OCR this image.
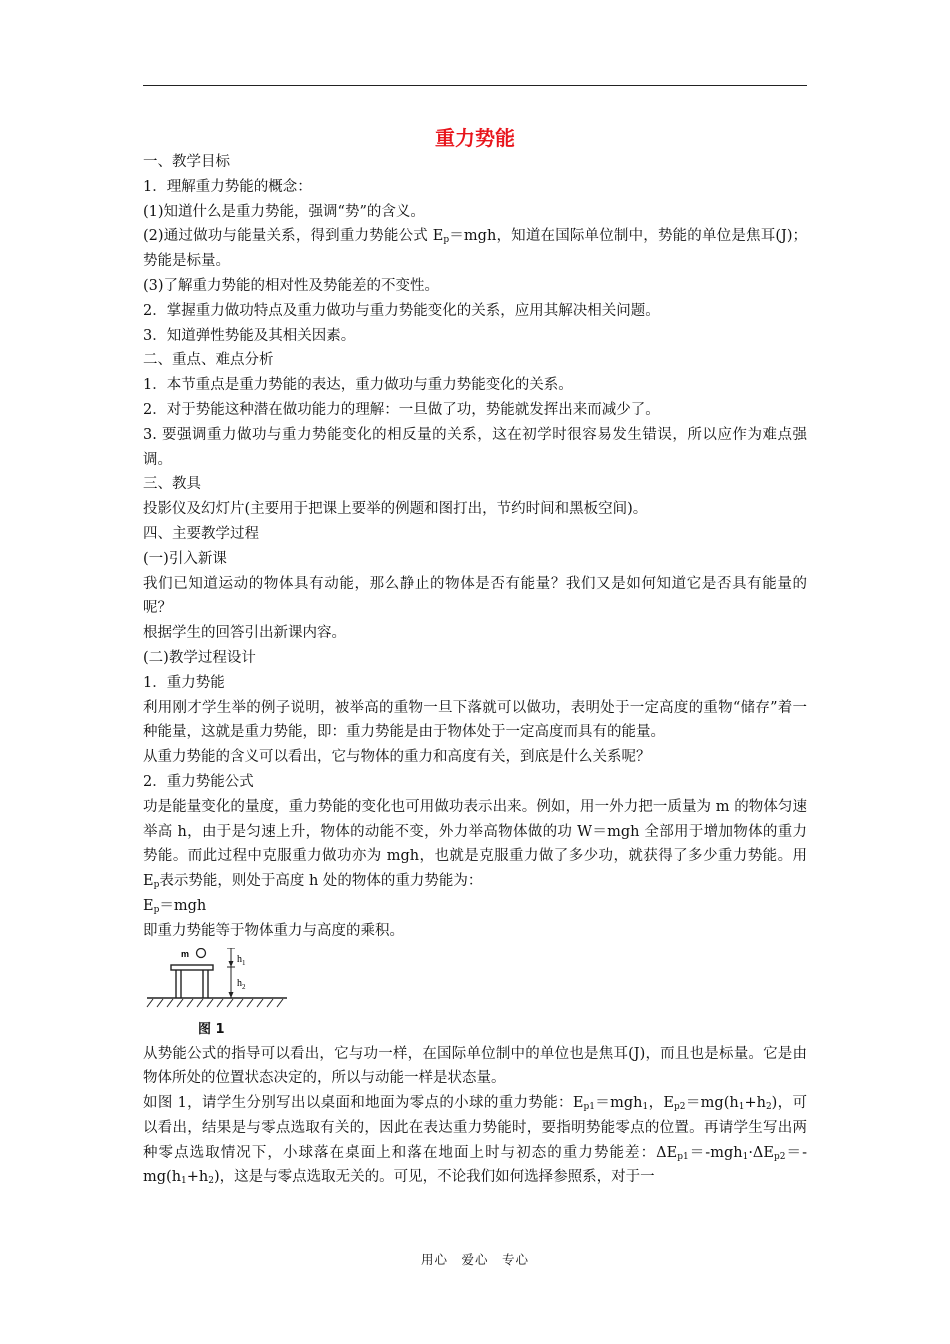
重力势能

一、教学目标

1．理解重力势能的概念：

(1)知道什么是重力势能，强调“势”的含义。

(2)通过做功与能量关系，得到重力势能公式 $E_p=mgh$，知道在国际单位制中，势能的单位是焦耳(J)；势能是标量。

(3)了解重力势能的相对性及势能差的不变性。

2．掌握重力做功特点及重力做功与重力势能变化的关系，应用其解决相关问题。

3．知道弹性势能及其相关因素。

二、重点、难点分析

1．本节重点是重力势能的表达，重力做功与重力势能变化的关系。

2．对于势能这种潜在做功能力的理解：一旦做了功，势能就发挥出来而减少了。

3. 要强调重力做功与重力势能变化的相反量的关系，这在初学时很容易发生错误，所以应作为难点强调。

三、教具

投影仪及幻灯片(主要用于把课上要举的例题和图打出，节约时间和黑板空间)。

四、主要教学过程

(一)引入新课

我们已知道运动的物体具有动能，那么静止的物体是否有能量？我们又是如何知道它是否具有能量的呢？

根据学生的回答引出新课内容。

(二)教学过程设计

1．重力势能

利用刚才学生举的例子说明，被举高的重物一旦下落就可以做功，表明处于一定高度的重物“储存”着一种能量，这就是重力势能，即：重力势能是由于物体处于一定高度而具有的能量。

从重力势能的含义可以看出，它与物体的重力和高度有关，到底是什么关系呢？

2．重力势能公式

功是能量变化的量度，重力势能的变化也可用做功表示出来。例如，用一外力把一质量为 m 的物体匀速举高 h，由于是匀速上升，物体的动能不变，外力举高物体做的功 W＝mgh 全部用于增加物体的重力势能。而此过程中克服重力做功亦为 mgh，也就是克服重力做了多少功，就获得了多少重力势能。用 $E_p$表示势能，则处于高度 h 处的物体的重力势能为：

$E_p=mgh$

即重力势能等于物体重力与高度的乘积。

m	$h_1$
$h_2$
图 1

从势能公式的指导可以看出，它与功一样，在国际单位制中的单位也是焦耳(J)，而且也是标量。它是由物体所处的位置状态决定的，所以与动能一样是状态量。

如图 1，请学生分别写出以桌面和地面为零点的小球的重力势能：$E_{p1}=mgh_1$，$E_{p2}=mg(h_1+h_2)$，可以看出，结果是与零点选取有关的，因此在表达重力势能时，要指明势能零点的位置。再请学生写出两种零点选取情况下，小球落在桌面上和落在地面上时与初态的重力势能差：$\Delta E_{p1}=-mgh_1\cdot\Delta E_{p2}=-mg(h_1+h_2)$，这是与零点选取无关的。可见，不论我们如何选择参照系，对于一

用心　爱心　专心
